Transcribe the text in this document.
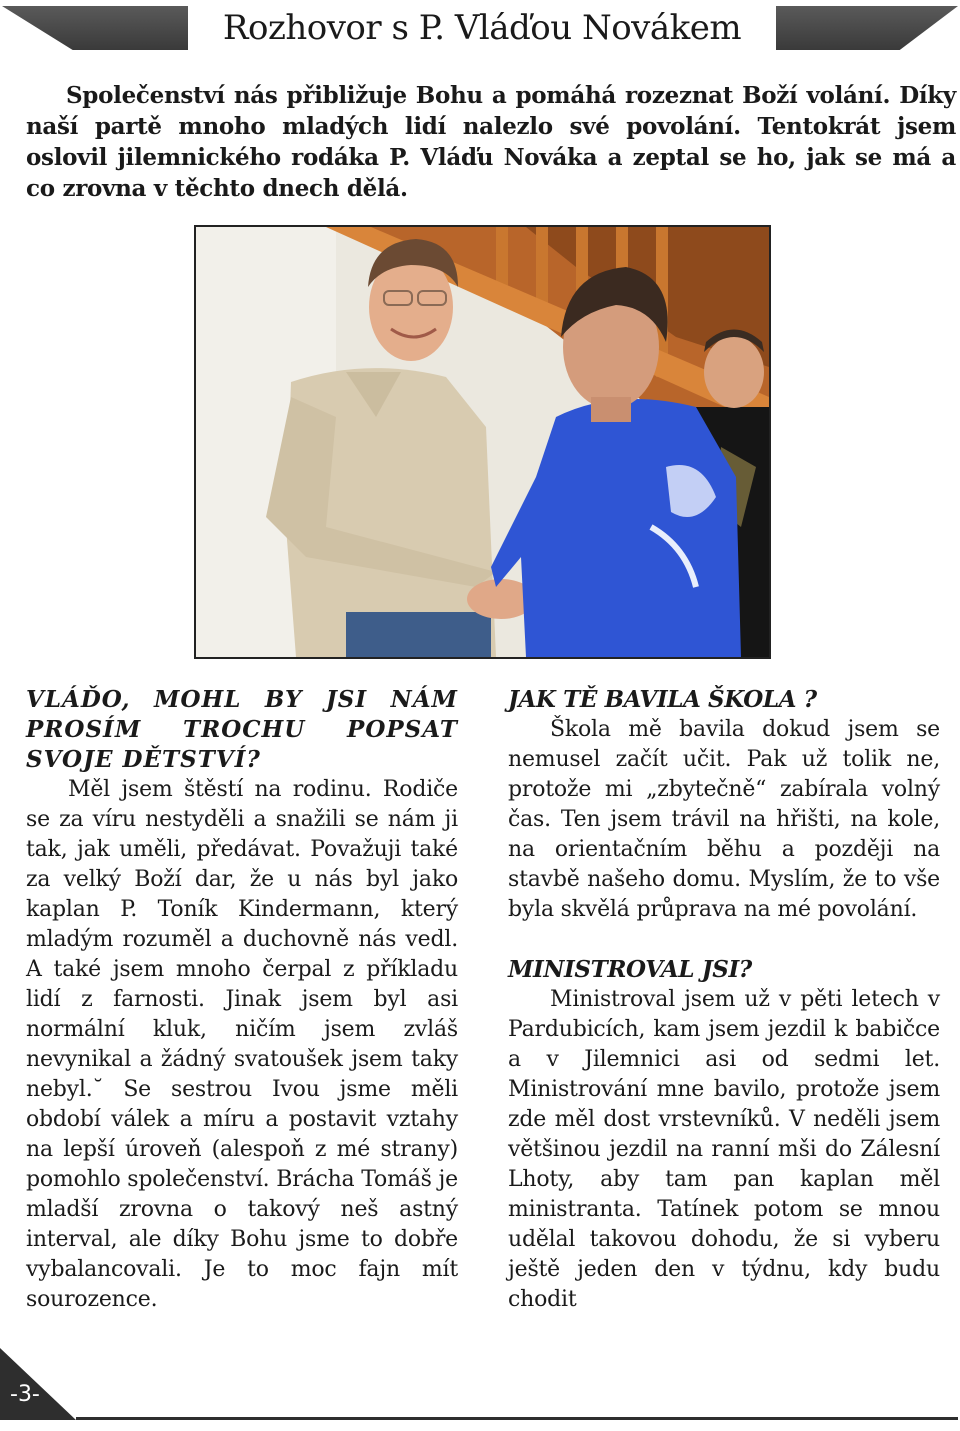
Rozhovor s P. Vláďou Novákem

Společenství nás přibližuje Bohu a pomáhá rozeznat Boží volání. Díky naší partě mnoho mladých lidí nalezlo své povolání. Tentokrát jsem oslovil jilemnického rodáka P. Vláďu Nováka a zeptal se ho, jak se má a co zrovna v těchto dnech dělá.

VLÁĎO, MOHL BY JSI NÁM

PROSÍM TROCHU POPSAT

SVOJE DĚTSTVÍ?

Měl jsem štěstí na rodinu. Rodiče se za víru nestyděli a snažili se nám ji tak, jak uměli, předávat. Považuji také za velký Boží dar, že u nás byl jako kaplan P. Toník Kindermann, který mladým rozuměl a duchovně nás vedl. A také jsem mnoho čerpal z příkladu lidí z farnosti. Jinak jsem byl asi normální kluk, ničím jsem zvláš nevynikal a žádný svatoušek jsem taky nebyl.˘ Se sestrou Ivou jsme měli období válek a míru a postavit vztahy na lepší úroveň (alespoň z mé strany) pomohlo společenství. Brácha Tomáš je mladší zrovna o takový neš astný interval, ale díky Bohu jsme to dobře vybalancovali. Je to moc fajn mít sourozence.

JAK TĚ BAVILA ŠKOLA ?

Škola mě bavila dokud jsem se nemusel začít učit. Pak už tolik ne, protože mi „zbytečně“ zabírala volný čas. Ten jsem trávil na hřišti, na kole, na orientačním běhu a později na stavbě našeho domu. Myslím, že to vše byla skvělá průprava na mé povolání.

MINISTROVAL JSI?

Ministroval jsem už v pěti letech v Pardubicích, kam jsem jezdil k babičce a v Jilemnici asi od sedmi let. Ministrování mne bavilo, protože jsem zde měl dost vrstevníků. V neděli jsem většinou jezdil na ranní mši do Zálesní Lhoty, aby tam pan kaplan měl ministranta. Tatínek potom se mnou udělal takovou dohodu, že si vyberu ještě jeden den v týdnu, kdy budu chodit

-3-
